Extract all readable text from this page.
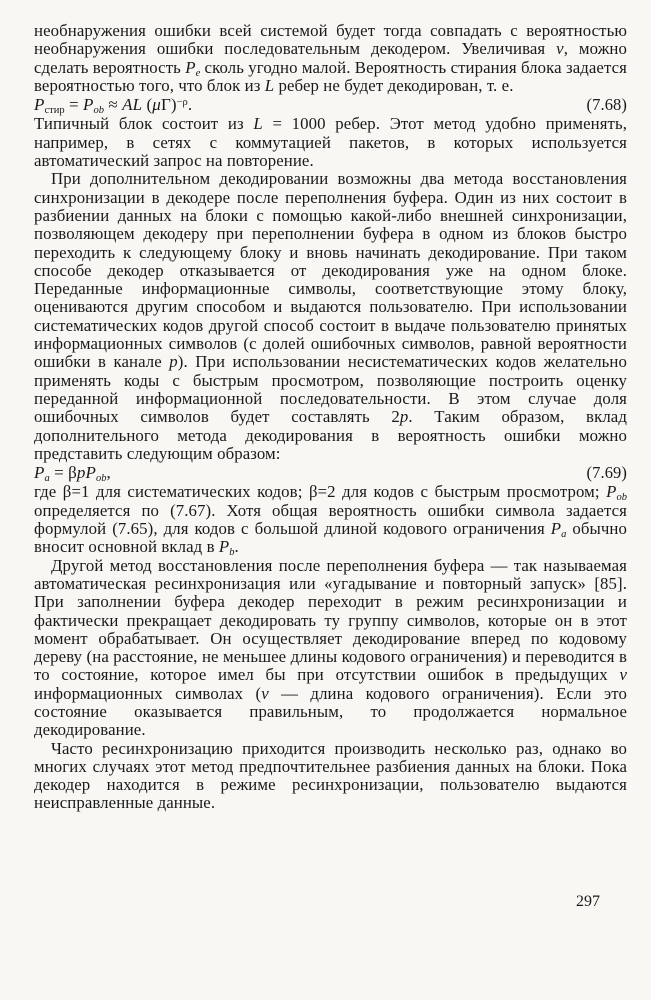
необнаружения ошибки всей системой будет тогда совпадать с вероятностью необнаружения ошибки последовательным декодером. Увеличивая ν, можно сделать вероятность $P_e$ сколь угодно малой. Вероятность стирания блока задается вероятностью того, что блок из L ребер не будет декодирован, т. е.

$P_{стир} = P_{ob}$ ≈ AL $(\mu\Gamma)^{-\rho}$.	(7.68)

Типичный блок состоит из L = 1000 ребер. Этот метод удобно применять, например, в сетях с коммутацией пакетов, в которых используется автоматический запрос на повторение.

При дополнительном декодировании возможны два метода восстановления синхронизации в декодере после переполнения буфера. Один из них состоит в разбиении данных на блоки с помощью какой-либо внешней синхронизации, позволяющем декодеру при переполнении буфера в одном из блоков быстро переходить к следующему блоку и вновь начинать декодирование. При таком способе декодер отказывается от декодирования уже на одном блоке. Переданные информационные символы, соответствующие этому блоку, оцениваются другим способом и выдаются пользователю. При использовании систематических кодов другой способ состоит в выдаче пользователю принятых информационных символов (с долей ошибочных символов, равной вероятности ошибки в канале p). При использовании несистематических кодов желательно применять коды с быстрым просмотром, позволяющие построить оценку переданной информационной последовательности. В этом случае доля ошибочных символов будет составлять 2p. Таким образом, вклад дополнительного метода декодирования в вероятность ошибки можно представить следующим образом:

$P_a = \beta pP_{ob}$,	(7.69)

где β=1 для систематических кодов; β=2 для кодов с быстрым просмотром; $P_{ob}$ определяется по (7.67). Хотя общая вероятность ошибки символа задается формулой (7.65), для кодов с большой длиной кодового ограничения $P_a$ обычно вносит основной вклад в $P_b$.

Другой метод восстановления после переполнения буфера — так называемая автоматическая ресинхронизация или «угадывание и повторный запуск» [85]. При заполнении буфера декодер переходит в режим ресинхронизации и фактически прекращает декодировать ту группу символов, которые он в этот момент обрабатывает. Он осуществляет декодирование вперед по кодовому дереву (на расстояние, не меньшее длины кодового ограничения) и переводится в то состояние, которое имел бы при отсутствии ошибок в предыдущих ν информационных символах (ν — длина кодового ограничения). Если это состояние оказывается правильным, то продолжается нормальное декодирование.

Часто ресинхронизацию приходится производить несколько раз, однако во многих случаях этот метод предпочтительнее разбиения данных на блоки. Пока декодер находится в режиме ресинхронизации, пользователю выдаются неисправленные данные.

297
